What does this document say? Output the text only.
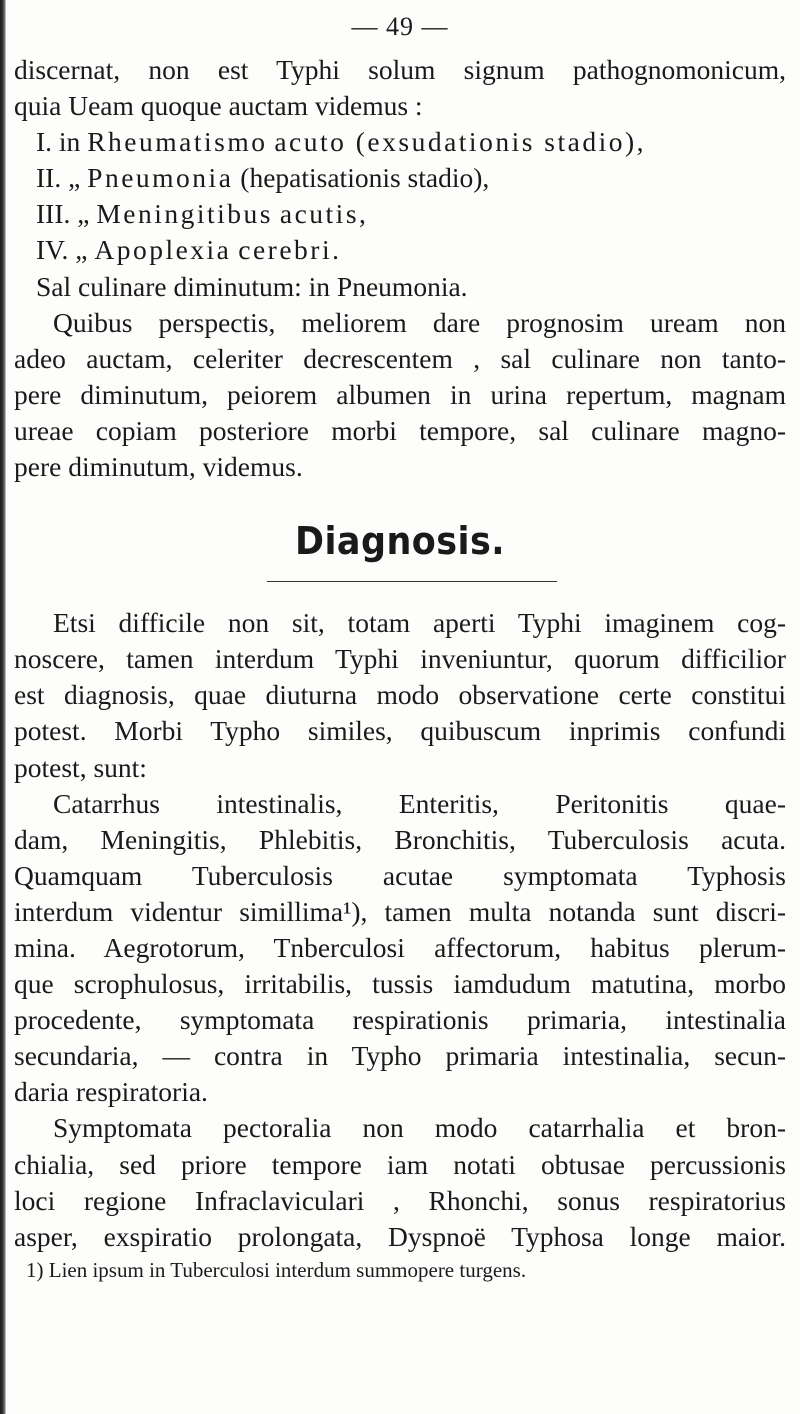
— 49 —
discernat, non est Typhi solum signum pathognomonicum,
quia Ueam quoque auctam videmus :
I. in Rheumatismo acuto (exsudationis stadio),
II. „ Pneumonia (hepatisationis stadio),
III. „ Meningitibus acutis,
IV. „ Apoplexia cerebri.
Sal culinare diminutum: in Pneumonia.
Quibus perspectis, meliorem dare prognosim uream non
adeo auctam, celeriter decrescentem , sal culinare non tanto-
pere diminutum, peiorem albumen in urina repertum, magnam
ureae copiam posteriore morbi tempore, sal culinare magno-
pere diminutum, videmus.
Diagnosis.
Etsi difficile non sit, totam aperti Typhi imaginem cog-
noscere, tamen interdum Typhi inveniuntur, quorum difficilior
est diagnosis, quae diuturna modo observatione certe constitui
potest. Morbi Typho similes, quibuscum inprimis confundi
potest, sunt:
Catarrhus intestinalis, Enteritis, Peritonitis quae-
dam, Meningitis, Phlebitis, Bronchitis, Tuberculosis acuta.
Quamquam Tuberculosis acutae symptomata Typhosis
interdum videntur simillima¹), tamen multa notanda sunt discri-
mina. Aegrotorum, Tnberculosi affectorum, habitus plerum-
que scrophulosus, irritabilis, tussis iamdudum matutina, morbo
procedente, symptomata respirationis primaria, intestinalia
secundaria, — contra in Typho primaria intestinalia, secun-
daria respiratoria.
Symptomata pectoralia non modo catarrhalia et bron-
chialia, sed priore tempore iam notati obtusae percussionis
loci regione Infraclaviculari , Rhonchi, sonus respiratorius
asper, exspiratio prolongata, Dyspnoë Typhosa longe maior.
1) Lien ipsum in Tuberculosi interdum summopere turgens.
